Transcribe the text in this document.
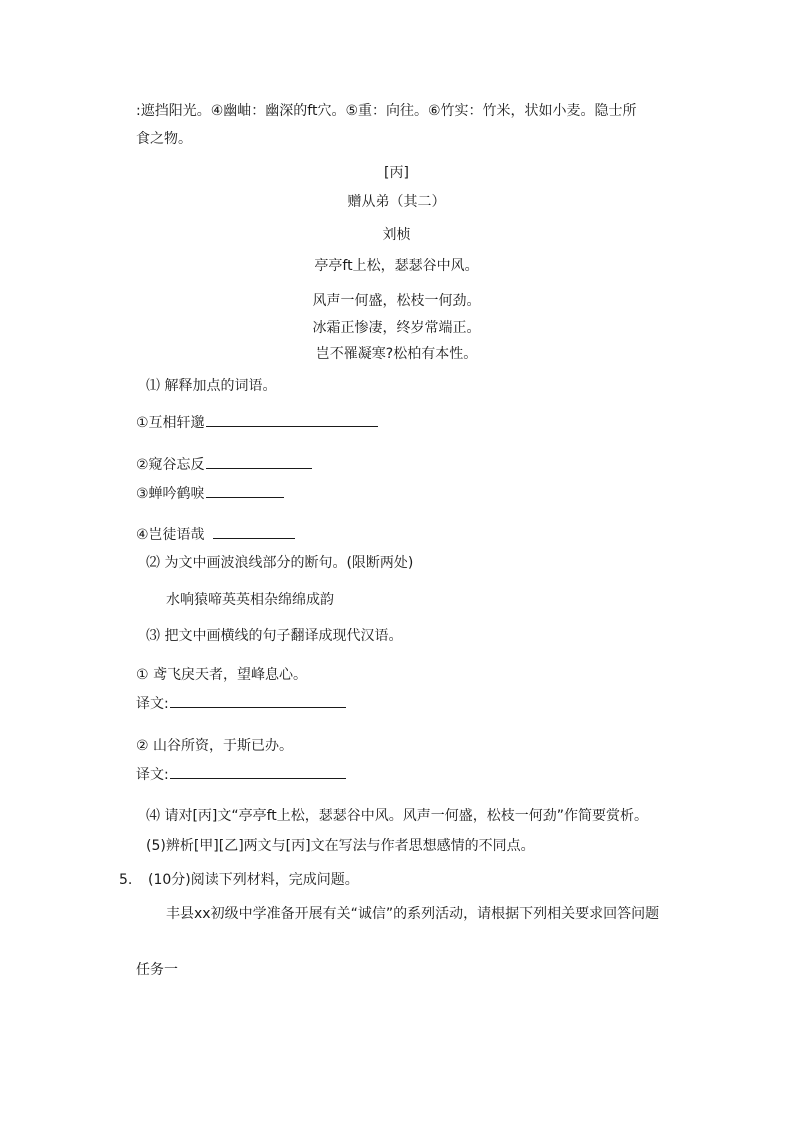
:遮挡阳光。④幽岫：幽深的ft穴。⑤重：向往。⑥竹实：竹米，状如小麦。隐士所
食之物。
[丙]
赠从弟（其二）
刘桢
亭亭ft上松，瑟瑟谷中风。
风声一何盛，松枝一何劲。
冰霜正惨凄，终岁常端正。
岂不罹凝寒?松柏有本性。
⑴ 解释加点的词语。
①互相轩邈
②窥谷忘反
③蝉吟鹤唳
④岂徒语哉
⑵ 为文中画波浪线部分的断句。(限断两处)
水响猿啼英英相杂绵绵成韵
⑶ 把文中画横线的句子翻译成现代汉语。
① 鸢飞戾天者，望峰息心。
译文:
② 山谷所资，于斯已办。
译文:
⑷ 请对[丙]文“亭亭ft上松，瑟瑟谷中风。风声一何盛，松枝一何劲”作简要赏析。
(5)辨析[甲][乙]两文与[丙]文在写法与作者思想感情的不同点。
5. (10分)阅读下列材料，完成问题。
丰县xx初级中学准备开展有关“诚信”的系列活动，请根据下列相关要求回答问题
任务一
